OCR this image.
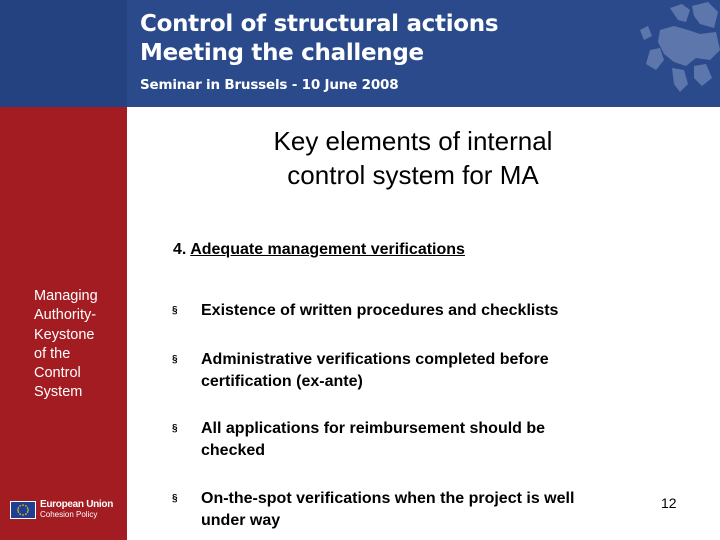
Control of structural actions
Meeting the challenge
Seminar in Brussels - 10 June 2008
Managing
Authority-
Keystone
of the
Control
System
European Union
Cohesion Policy
Key elements of internal
control system for MA
4. Adequate management verifications
§	Existence of written procedures and checklists
§	Administrative verifications completed before
certification (ex-ante)
§	All applications for reimbursement should be
checked
§	On-the-spot verifications when the project is well
under way
12
